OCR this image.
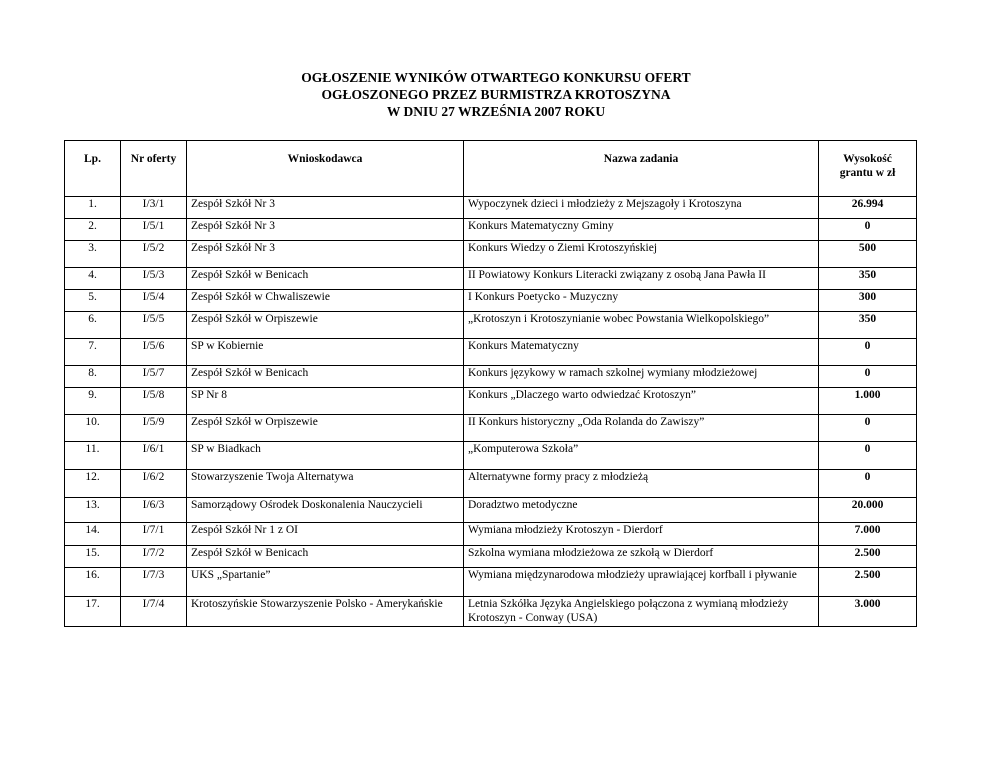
OGŁOSZENIE WYNIKÓW OTWARTEGO KONKURSU OFERT
OGŁOSZONEGO PRZEZ BURMISTRZA KROTOSZYNA
W DNIU 27 WRZEŚNIA 2007 ROKU
Lp.	Nr oferty	Wnioskodawca	Nazwa zadania	Wysokość
grantu w zł

1.	I/3/1	Zespół Szkół Nr 3	Wypoczynek dzieci i młodzieży z Mejszagoły i Krotoszyna	26.994
2.	I/5/1	Zespół Szkół Nr 3	Konkurs Matematyczny Gminy	0
3.	I/5/2	Zespół Szkół Nr 3	Konkurs Wiedzy o Ziemi Krotoszyńskiej	500
4.	I/5/3	Zespół Szkół w Benicach	II Powiatowy Konkurs Literacki związany z osobą Jana Pawła II	350
5.	I/5/4	Zespół Szkół w Chwaliszewie	I Konkurs Poetycko - Muzyczny	300
6.	I/5/5	Zespół Szkół w Orpiszewie	„Krotoszyn i Krotoszynianie wobec Powstania Wielkopolskiego”	350
7.	I/5/6	SP w Kobiernie	Konkurs Matematyczny	0
8.	I/5/7	Zespół Szkół w Benicach	Konkurs językowy w ramach szkolnej wymiany młodzieżowej	0
9.	I/5/8	SP Nr 8	Konkurs „Dlaczego warto odwiedzać Krotoszyn”	1.000
10.	I/5/9	Zespół Szkół w Orpiszewie	II Konkurs historyczny „Oda Rolanda do Zawiszy”	0
11.	I/6/1	SP w Biadkach	„Komputerowa Szkoła”	0
12.	I/6/2	Stowarzyszenie Twoja Alternatywa	Alternatywne formy pracy z młodzieżą	0
13.	I/6/3	Samorządowy Ośrodek Doskonalenia Nauczycieli	Doradztwo metodyczne	20.000
14.	I/7/1	Zespół Szkół Nr 1 z OI	Wymiana młodzieży Krotoszyn - Dierdorf	7.000
15.	I/7/2	Zespół Szkół w Benicach	Szkolna wymiana młodzieżowa ze szkołą w Dierdorf	2.500
16.	I/7/3	UKS „Spartanie”	Wymiana międzynarodowa młodzieży uprawiającej korfball i pływanie	2.500
17.	I/7/4	Krotoszyńskie Stowarzyszenie Polsko - Amerykańskie	Letnia Szkółka Języka Angielskiego połączona z wymianą młodzieży Krotoszyn - Conway (USA)	3.000
